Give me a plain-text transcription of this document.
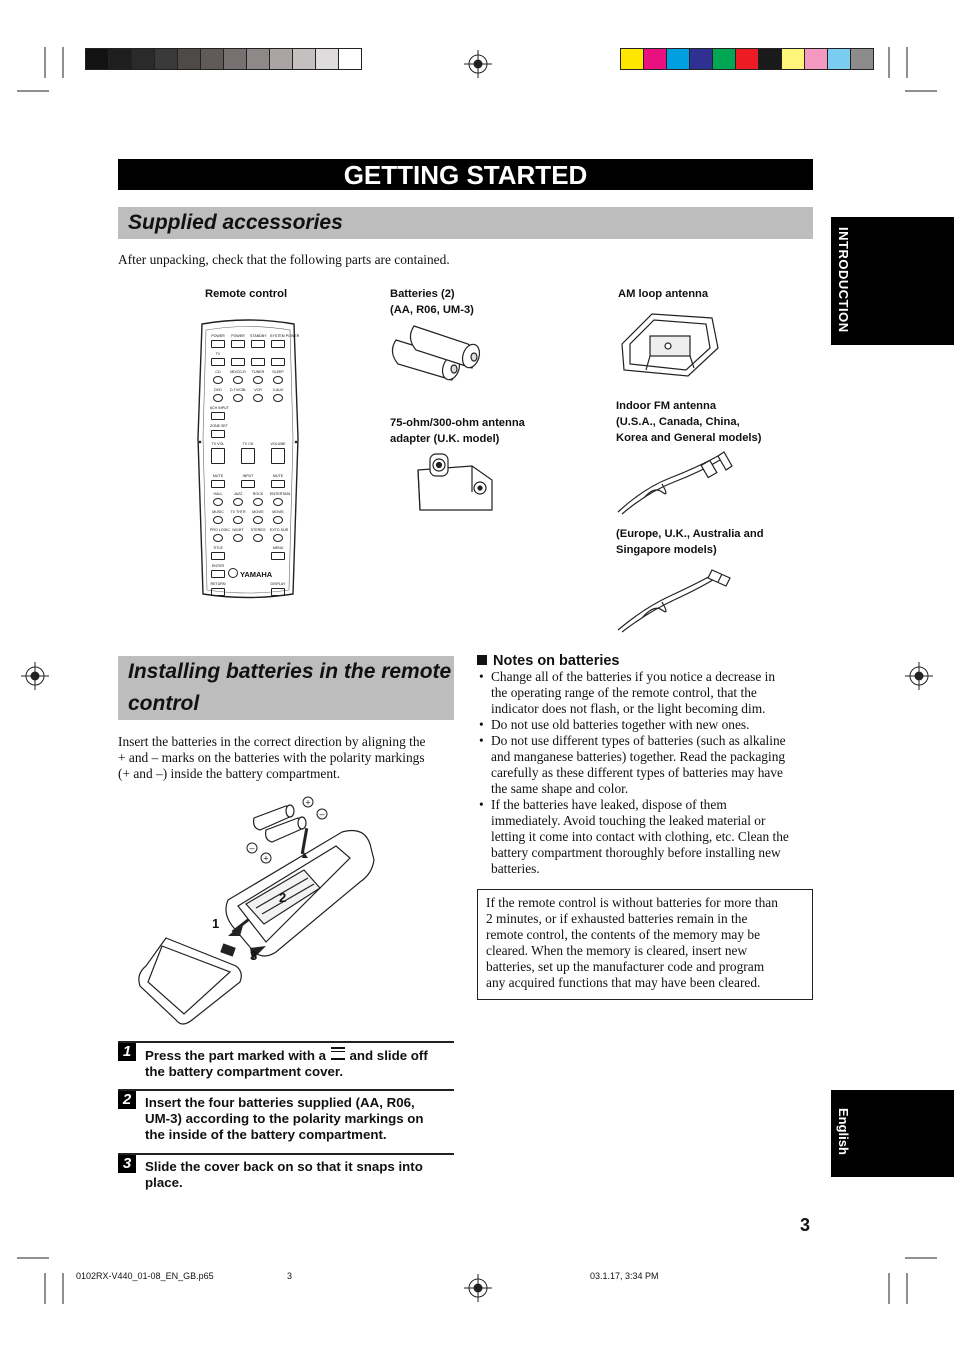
GETTING STARTED
INTRODUCTION
English
Supplied accessories
After unpacking, check that the following parts are contained.
Remote control	Batteries (2)
(AA, R06, UM-3)
AM loop antenna
POWER	POWER	STANDBY SYSTEM POWER
TV
CD	MD/CD-R	TUNER	SLEEP
DVD	D-TV/CBL	VCR	V-AUX
6CH INPUT
ZONE SET
TV VOL	TV CH	VOLUME
MUTE	INPUT	MUTE
HALL	JAZZ	ROCK	ENTERTAIN
MUSIC	TV THTR	MOVIE	MOVIE
PRO LOGIC NIGHT	STEREO EXTD SUR
TITLE	MENU
ENTER
RETURN	DISPLAY
YAMAHA
75-ohm/300-ohm antenna
adapter (U.K. model)
Indoor FM antenna
(U.S.A., Canada, China,
Korea and General models)
(Europe, U.K., Australia and
Singapore models)
Installing batteries in the remote
control
Insert the batteries in the correct direction by aligning the
+ and – marks on the batteries with the polarity markings
(+ and –) inside the battery compartment.
+
–
–
+
1
2
3
1	Press the part marked with a and slide off
the battery compartment cover.
2	Insert the four batteries supplied (AA, R06,
UM-3) according to the polarity markings on
the inside of the battery compartment.
3	Slide the cover back on so that it snaps into
place.
Notes on batteries
• Change all of the batteries if you notice a decrease in
the operating range of the remote control, that the
indicator does not flash, or the light becoming dim.
• Do not use old batteries together with new ones.
• Do not use different types of batteries (such as alkaline
and manganese batteries) together. Read the packaging
carefully as these different types of batteries may have
the same shape and color.
• If the batteries have leaked, dispose of them
immediately. Avoid touching the leaked material or
letting it come into contact with clothing, etc. Clean the
battery compartment thoroughly before installing new
batteries.
If the remote control is without batteries for more than
2 minutes, or if exhausted batteries remain in the
remote control, the contents of the memory may be
cleared. When the memory is cleared, insert new
batteries, set up the manufacturer code and program
any acquired functions that may have been cleared.
3
0102RX-V440_01-08_EN_GB.p65	3	03.1.17, 3:34 PM
